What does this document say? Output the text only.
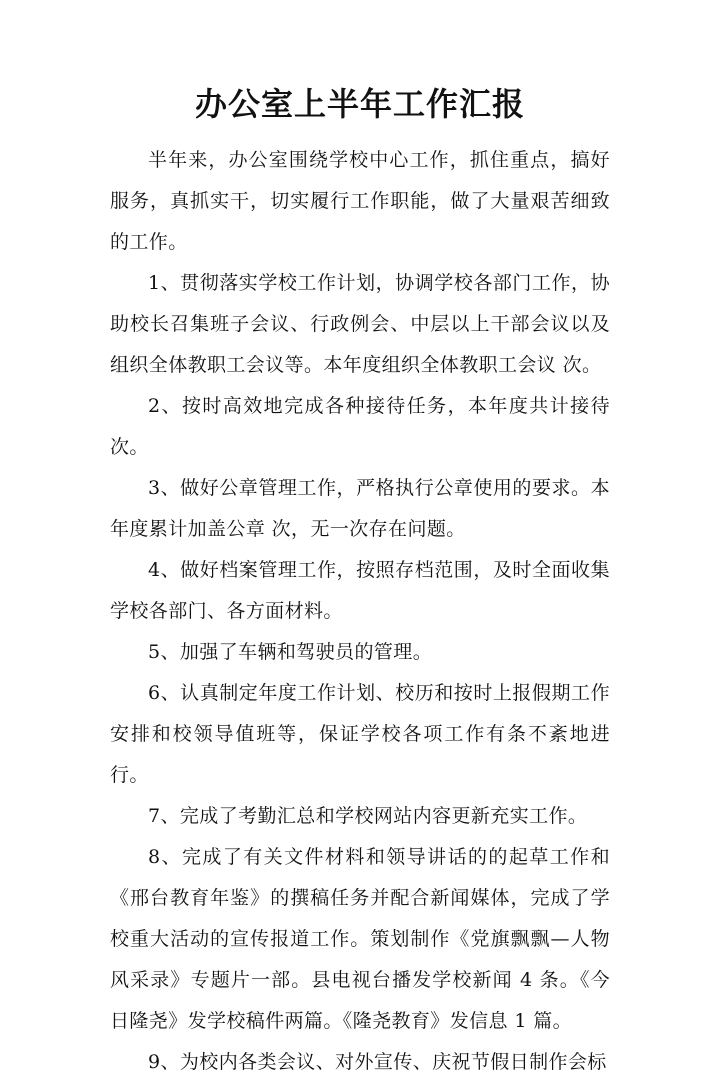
办公室上半年工作汇报

半年来，办公室围绕学校中心工作，抓住重点，搞好服务，真抓实干，切实履行工作职能，做了大量艰苦细致的工作。

1、贯彻落实学校工作计划，协调学校各部门工作，协助校长召集班子会议、行政例会、中层以上干部会议以及组织全体教职工会议等。本年度组织全体教职工会议 次。

2、按时高效地完成各种接待任务，本年度共计接待 次。

3、做好公章管理工作，严格执行公章使用的要求。本年度累计加盖公章 次，无一次存在问题。

4、做好档案管理工作，按照存档范围，及时全面收集学校各部门、各方面材料。

5、加强了车辆和驾驶员的管理。

6、认真制定年度工作计划、校历和按时上报假期工作安排和校领导值班等，保证学校各项工作有条不紊地进行。

7、完成了考勤汇总和学校网站内容更新充实工作。

8、完成了有关文件材料和领导讲话的的起草工作和《邢台教育年鉴》的撰稿任务并配合新闻媒体，完成了学校重大活动的宣传报道工作。策划制作《党旗飘飘—人物风采录》专题片一部。县电视台播发学校新闻 4 条。《今日隆尧》发学校稿件两篇。《隆尧教育》发信息 1 篇。

9、为校内各类会议、对外宣传、庆祝节假日制作会标
